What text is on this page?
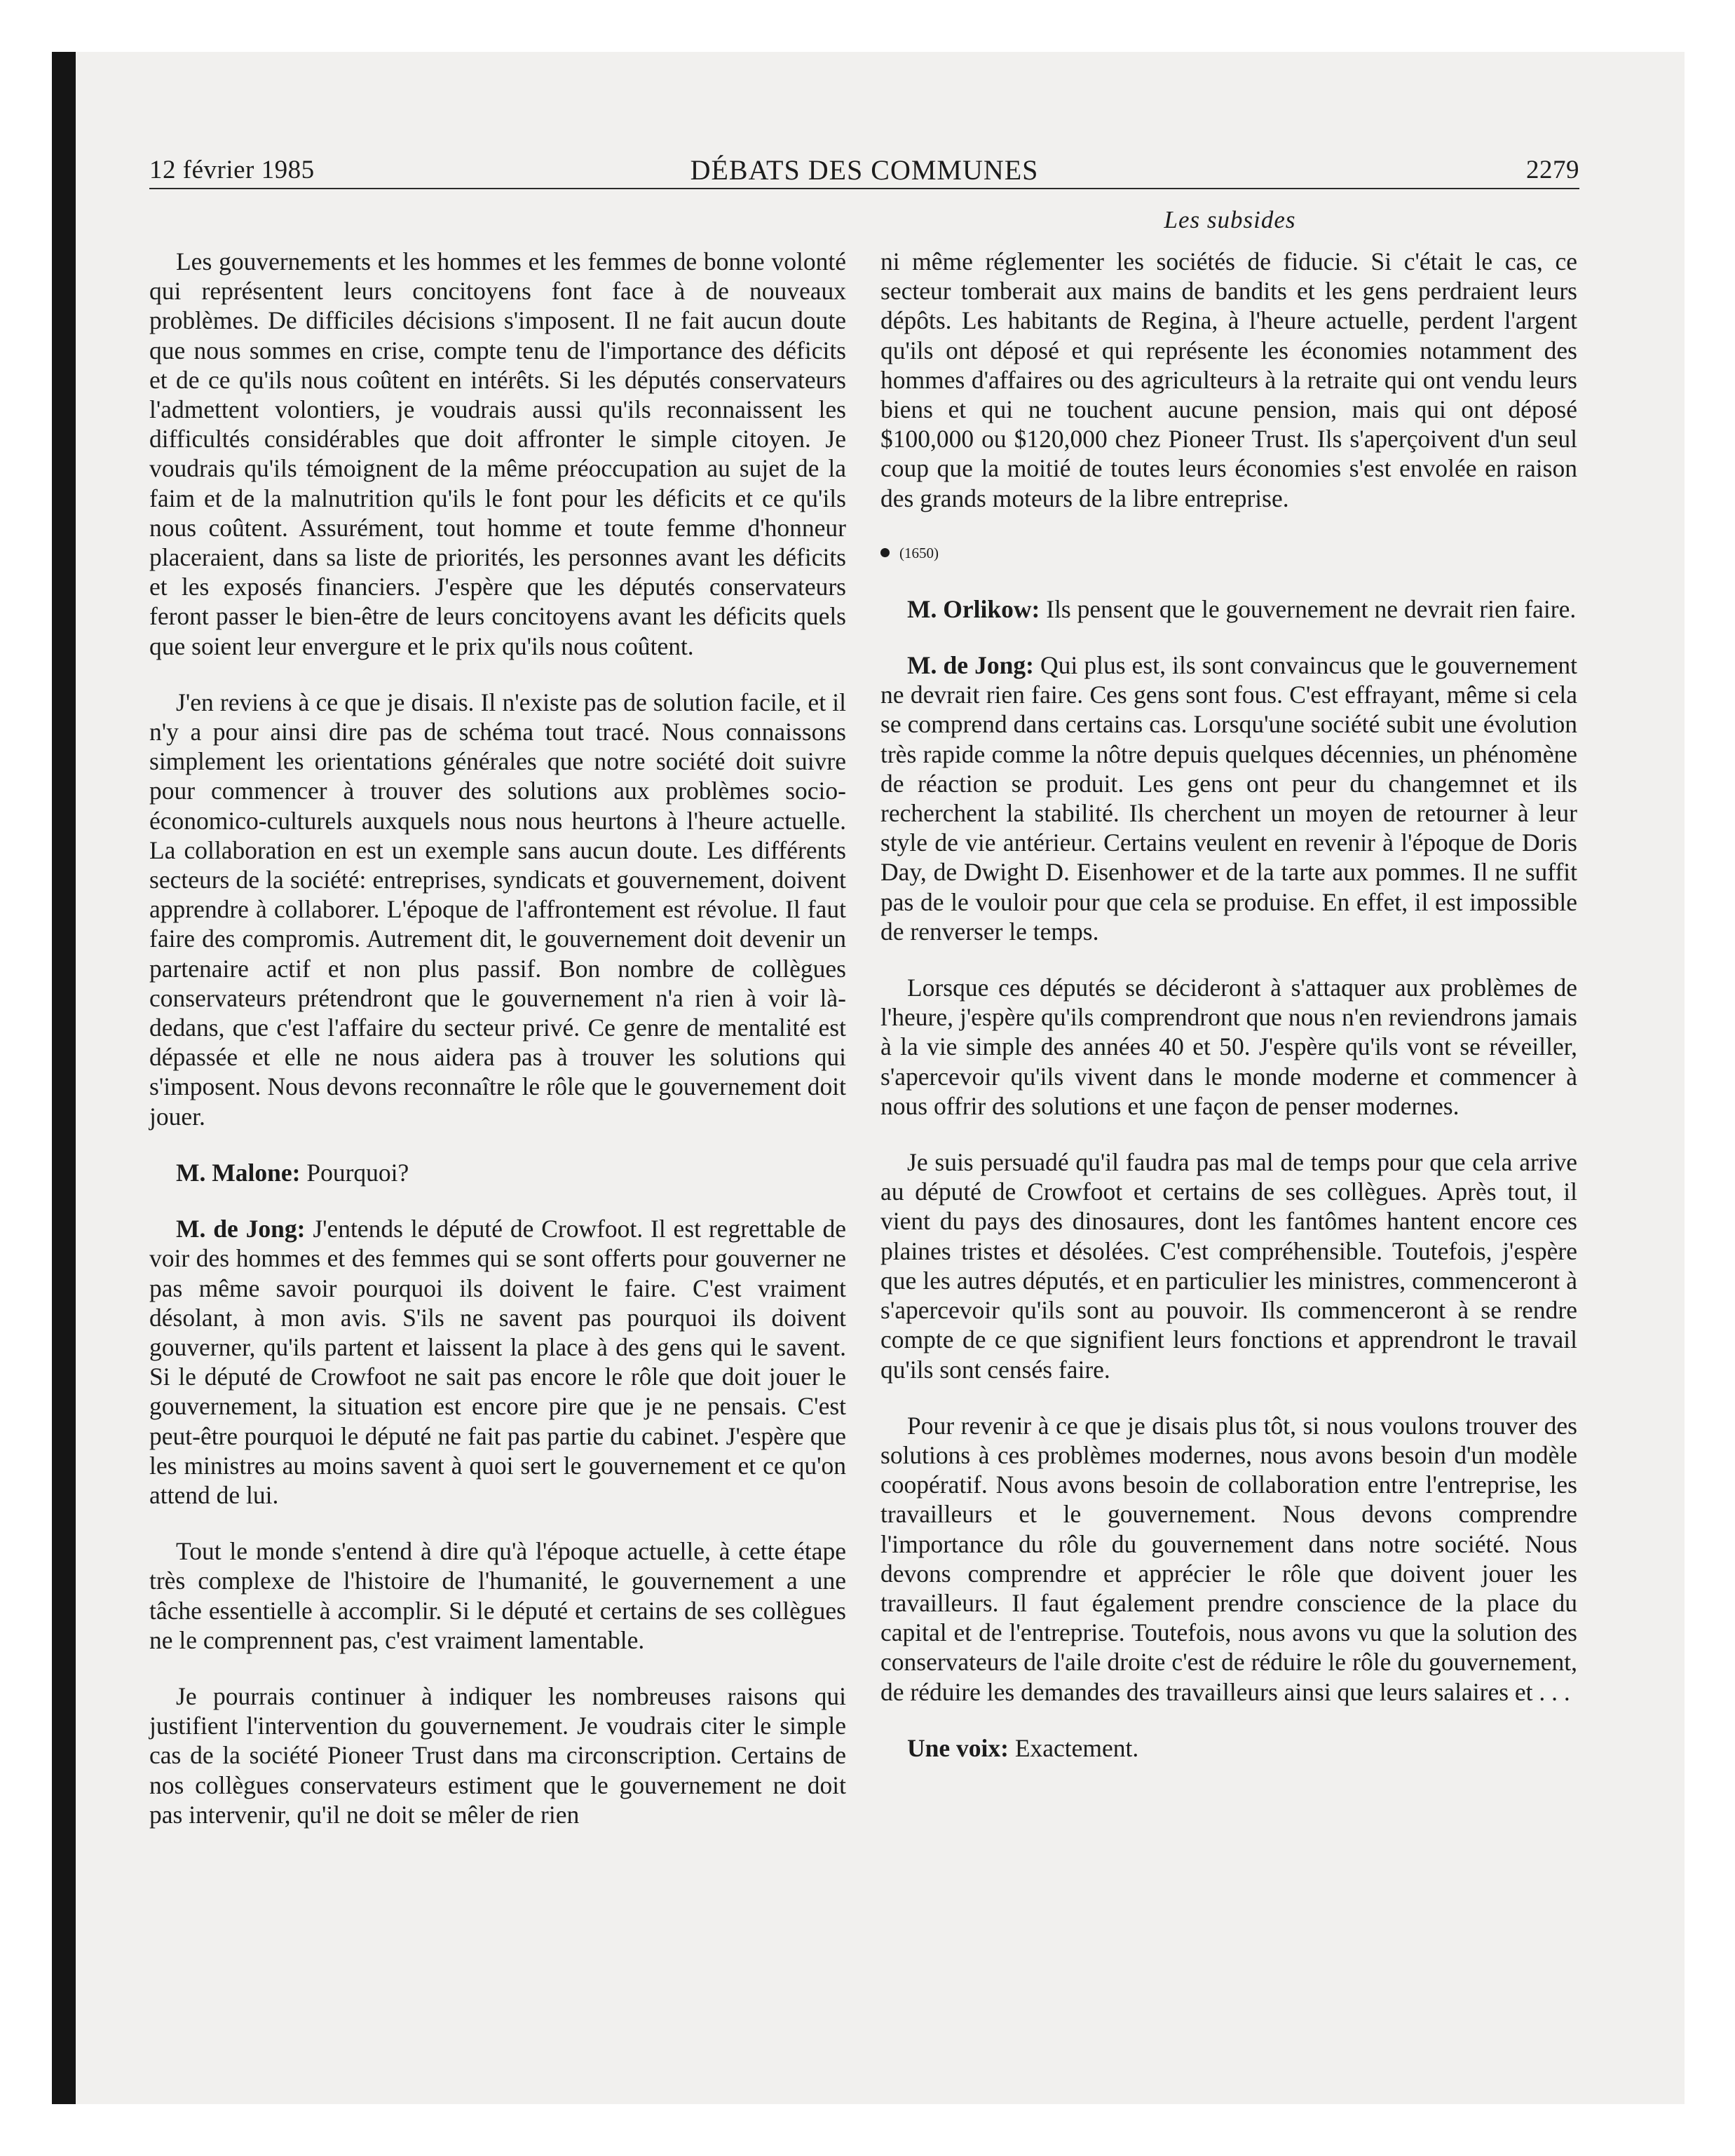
12 février 1985	DÉBATS DES COMMUNES	2279
Les subsides

Les gouvernements et les hommes et les femmes de bonne volonté qui représentent leurs concitoyens font face à de nouveaux problèmes. De difficiles décisions s'imposent. Il ne fait aucun doute que nous sommes en crise, compte tenu de l'importance des déficits et de ce qu'ils nous coûtent en intérêts. Si les députés conservateurs l'admettent volontiers, je voudrais aussi qu'ils reconnaissent les difficultés considérables que doit affronter le simple citoyen. Je voudrais qu'ils témoignent de la même préoccupation au sujet de la faim et de la malnutrition qu'ils le font pour les déficits et ce qu'ils nous coûtent. Assurément, tout homme et toute femme d'honneur placeraient, dans sa liste de priorités, les personnes avant les déficits et les exposés financiers. J'espère que les députés conservateurs feront passer le bien-être de leurs concitoyens avant les déficits quels que soient leur envergure et le prix qu'ils nous coûtent.

J'en reviens à ce que je disais. Il n'existe pas de solution facile, et il n'y a pour ainsi dire pas de schéma tout tracé. Nous connaissons simplement les orientations générales que notre société doit suivre pour commencer à trouver des solutions aux problèmes socio-économico-culturels auxquels nous nous heurtons à l'heure actuelle. La collaboration en est un exemple sans aucun doute. Les différents secteurs de la société: entreprises, syndicats et gouvernement, doivent apprendre à collaborer. L'époque de l'affrontement est révolue. Il faut faire des compromis. Autrement dit, le gouvernement doit devenir un partenaire actif et non plus passif. Bon nombre de collègues conservateurs prétendront que le gouvernement n'a rien à voir là-dedans, que c'est l'affaire du secteur privé. Ce genre de mentalité est dépassée et elle ne nous aidera pas à trouver les solutions qui s'imposent. Nous devons reconnaître le rôle que le gouvernement doit jouer.

M. Malone: Pourquoi?

M. de Jong: J'entends le député de Crowfoot. Il est regrettable de voir des hommes et des femmes qui se sont offerts pour gouverner ne pas même savoir pourquoi ils doivent le faire. C'est vraiment désolant, à mon avis. S'ils ne savent pas pourquoi ils doivent gouverner, qu'ils partent et laissent la place à des gens qui le savent. Si le député de Crowfoot ne sait pas encore le rôle que doit jouer le gouvernement, la situation est encore pire que je ne pensais. C'est peut-être pourquoi le député ne fait pas partie du cabinet. J'espère que les ministres au moins savent à quoi sert le gouvernement et ce qu'on attend de lui.

Tout le monde s'entend à dire qu'à l'époque actuelle, à cette étape très complexe de l'histoire de l'humanité, le gouvernement a une tâche essentielle à accomplir. Si le député et certains de ses collègues ne le comprennent pas, c'est vraiment lamentable.

Je pourrais continuer à indiquer les nombreuses raisons qui justifient l'intervention du gouvernement. Je voudrais citer le simple cas de la société Pioneer Trust dans ma circonscription. Certains de nos collègues conservateurs estiment que le gouvernement ne doit pas intervenir, qu'il ne doit se mêler de rien

ni même réglementer les sociétés de fiducie. Si c'était le cas, ce secteur tomberait aux mains de bandits et les gens perdraient leurs dépôts. Les habitants de Regina, à l'heure actuelle, perdent l'argent qu'ils ont déposé et qui représente les économies notamment des hommes d'affaires ou des agriculteurs à la retraite qui ont vendu leurs biens et qui ne touchent aucune pension, mais qui ont déposé $100,000 ou $120,000 chez Pioneer Trust. Ils s'aperçoivent d'un seul coup que la moitié de toutes leurs économies s'est envolée en raison des grands moteurs de la libre entreprise.

(1650)

M. Orlikow: Ils pensent que le gouvernement ne devrait rien faire.

M. de Jong: Qui plus est, ils sont convaincus que le gouvernement ne devrait rien faire. Ces gens sont fous. C'est effrayant, même si cela se comprend dans certains cas. Lorsqu'une société subit une évolution très rapide comme la nôtre depuis quelques décennies, un phénomène de réaction se produit. Les gens ont peur du changemnet et ils recherchent la stabilité. Ils cherchent un moyen de retourner à leur style de vie antérieur. Certains veulent en revenir à l'époque de Doris Day, de Dwight D. Eisenhower et de la tarte aux pommes. Il ne suffit pas de le vouloir pour que cela se produise. En effet, il est impossible de renverser le temps.

Lorsque ces députés se décideront à s'attaquer aux problèmes de l'heure, j'espère qu'ils comprendront que nous n'en reviendrons jamais à la vie simple des années 40 et 50. J'espère qu'ils vont se réveiller, s'apercevoir qu'ils vivent dans le monde moderne et commencer à nous offrir des solutions et une façon de penser modernes.

Je suis persuadé qu'il faudra pas mal de temps pour que cela arrive au député de Crowfoot et certains de ses collègues. Après tout, il vient du pays des dinosaures, dont les fantômes hantent encore ces plaines tristes et désolées. C'est compréhensible. Toutefois, j'espère que les autres députés, et en particulier les ministres, commenceront à s'apercevoir qu'ils sont au pouvoir. Ils commenceront à se rendre compte de ce que signifient leurs fonctions et apprendront le travail qu'ils sont censés faire.

Pour revenir à ce que je disais plus tôt, si nous voulons trouver des solutions à ces problèmes modernes, nous avons besoin d'un modèle coopératif. Nous avons besoin de collaboration entre l'entreprise, les travailleurs et le gouvernement. Nous devons comprendre l'importance du rôle du gouvernement dans notre société. Nous devons comprendre et apprécier le rôle que doivent jouer les travailleurs. Il faut également prendre conscience de la place du capital et de l'entreprise. Toutefois, nous avons vu que la solution des conservateurs de l'aile droite c'est de réduire le rôle du gouvernement, de réduire les demandes des travailleurs ainsi que leurs salaires et . . .

Une voix: Exactement.
